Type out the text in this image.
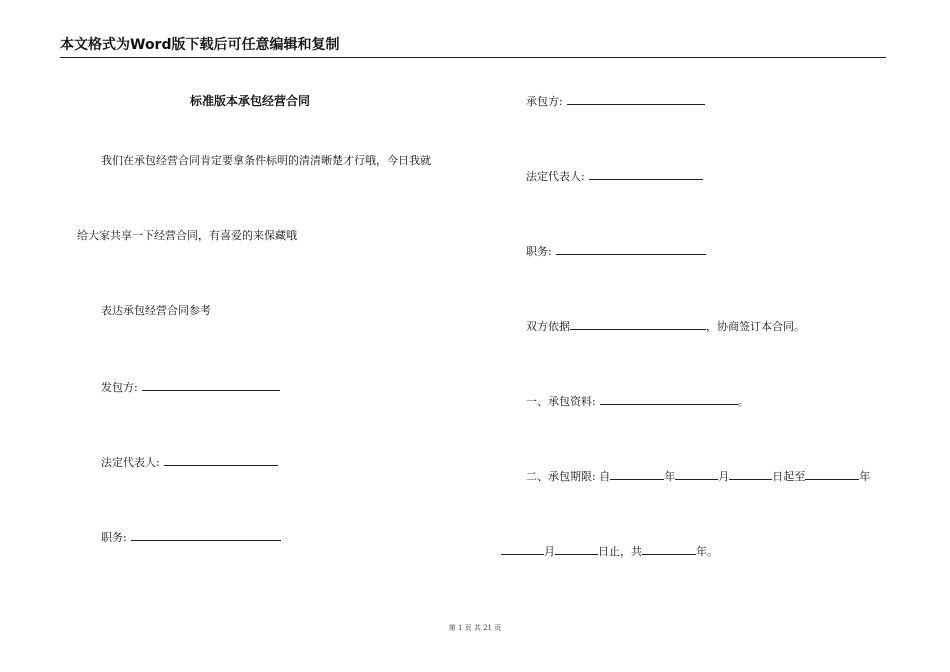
本文格式为Word版下载后可任意编辑和复制
标准版本承包经营合同
我们在承包经营合同肯定要拿条件标明的清清晰楚才行哦，今日我就
给大家共享一下经营合同，有喜爱的来保藏哦
表达承包经营合同参考
发包方:
法定代表人:
职务:
承包方:
法定代表人:
职务:
双方依据	，协商签订本合同。
一、承包资料:	。
二、承包期限: 自	年	月	日起至	年
月	日止，共	年。
第 1 页 共 21 页
